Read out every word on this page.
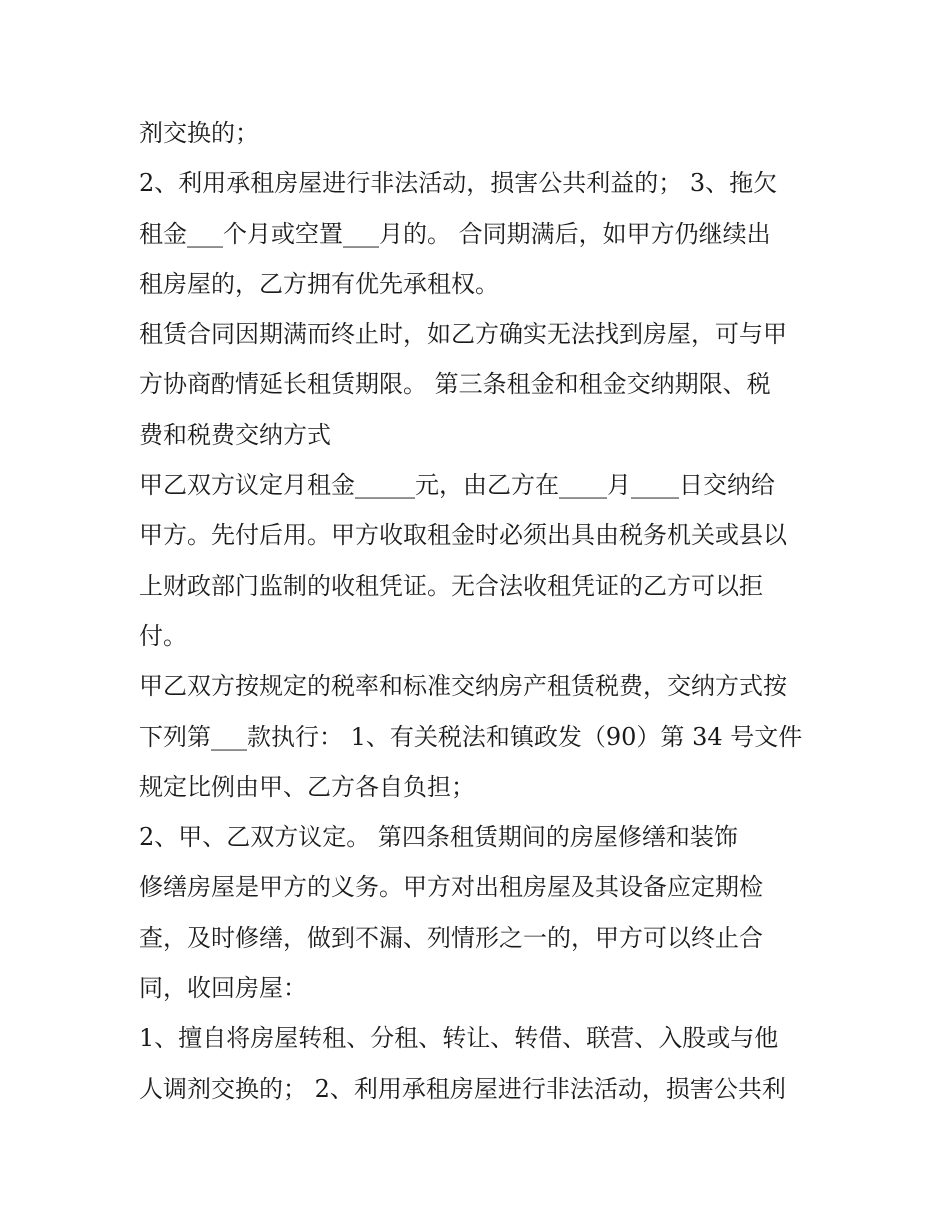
剂交换的；
2、利用承租房屋进行非法活动，损害公共利益的； 3、拖欠
租金___个月或空置___月的。 合同期满后，如甲方仍继续出
租房屋的，乙方拥有优先承租权。
租赁合同因期满而终止时，如乙方确实无法找到房屋，可与甲
方协商酌情延长租赁期限。 第三条租金和租金交纳期限、税
费和税费交纳方式
甲乙双方议定月租金_____元，由乙方在____月____日交纳给
甲方。先付后用。甲方收取租金时必须出具由税务机关或县以
上财政部门监制的收租凭证。无合法收租凭证的乙方可以拒
付。
甲乙双方按规定的税率和标准交纳房产租赁税费，交纳方式按
下列第___款执行： 1、有关税法和镇政发（90）第 34 号文件
规定比例由甲、乙方各自负担；
2、甲、乙双方议定。 第四条租赁期间的房屋修缮和装饰
修缮房屋是甲方的义务。甲方对出租房屋及其设备应定期检
查，及时修缮，做到不漏、列情形之一的，甲方可以终止合
同，收回房屋：
1、擅自将房屋转租、分租、转让、转借、联营、入股或与他
人调剂交换的； 2、利用承租房屋进行非法活动，损害公共利
